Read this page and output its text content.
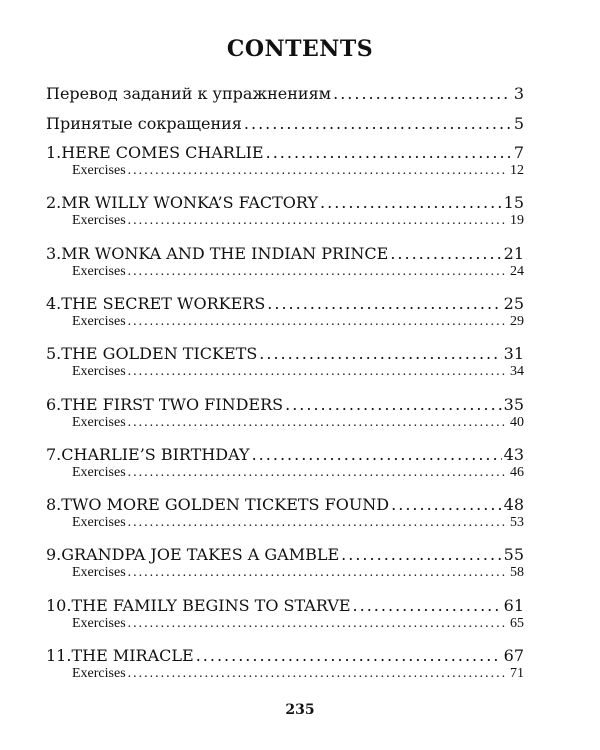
CONTENTS
Перевод заданий к упражнениям .....	3
Принятые сокращения .....	5
1. HERE COMES CHARLIE .....	7
Exercises .....	12
2. MR WILLY WONKA’S FACTORY .....	15
Exercises .....	19
3. MR WONKA AND THE INDIAN PRINCE .....	21
Exercises .....	24
4. THE SECRET WORKERS .....	25
Exercises .....	29
5. THE GOLDEN TICKETS .....	31
Exercises .....	34
6. THE FIRST TWO FINDERS .....	35
Exercises .....	40
7. CHARLIE’S BIRTHDAY .....	43
Exercises .....	46
8. TWO MORE GOLDEN TICKETS FOUND .....	48
Exercises .....	53
9. GRANDPA JOE TAKES A GAMBLE .....	55
Exercises .....	58
10. THE FAMILY BEGINS TO STARVE .....	61
Exercises .....	65
11. THE MIRACLE .....	67
Exercises .....	71
235
